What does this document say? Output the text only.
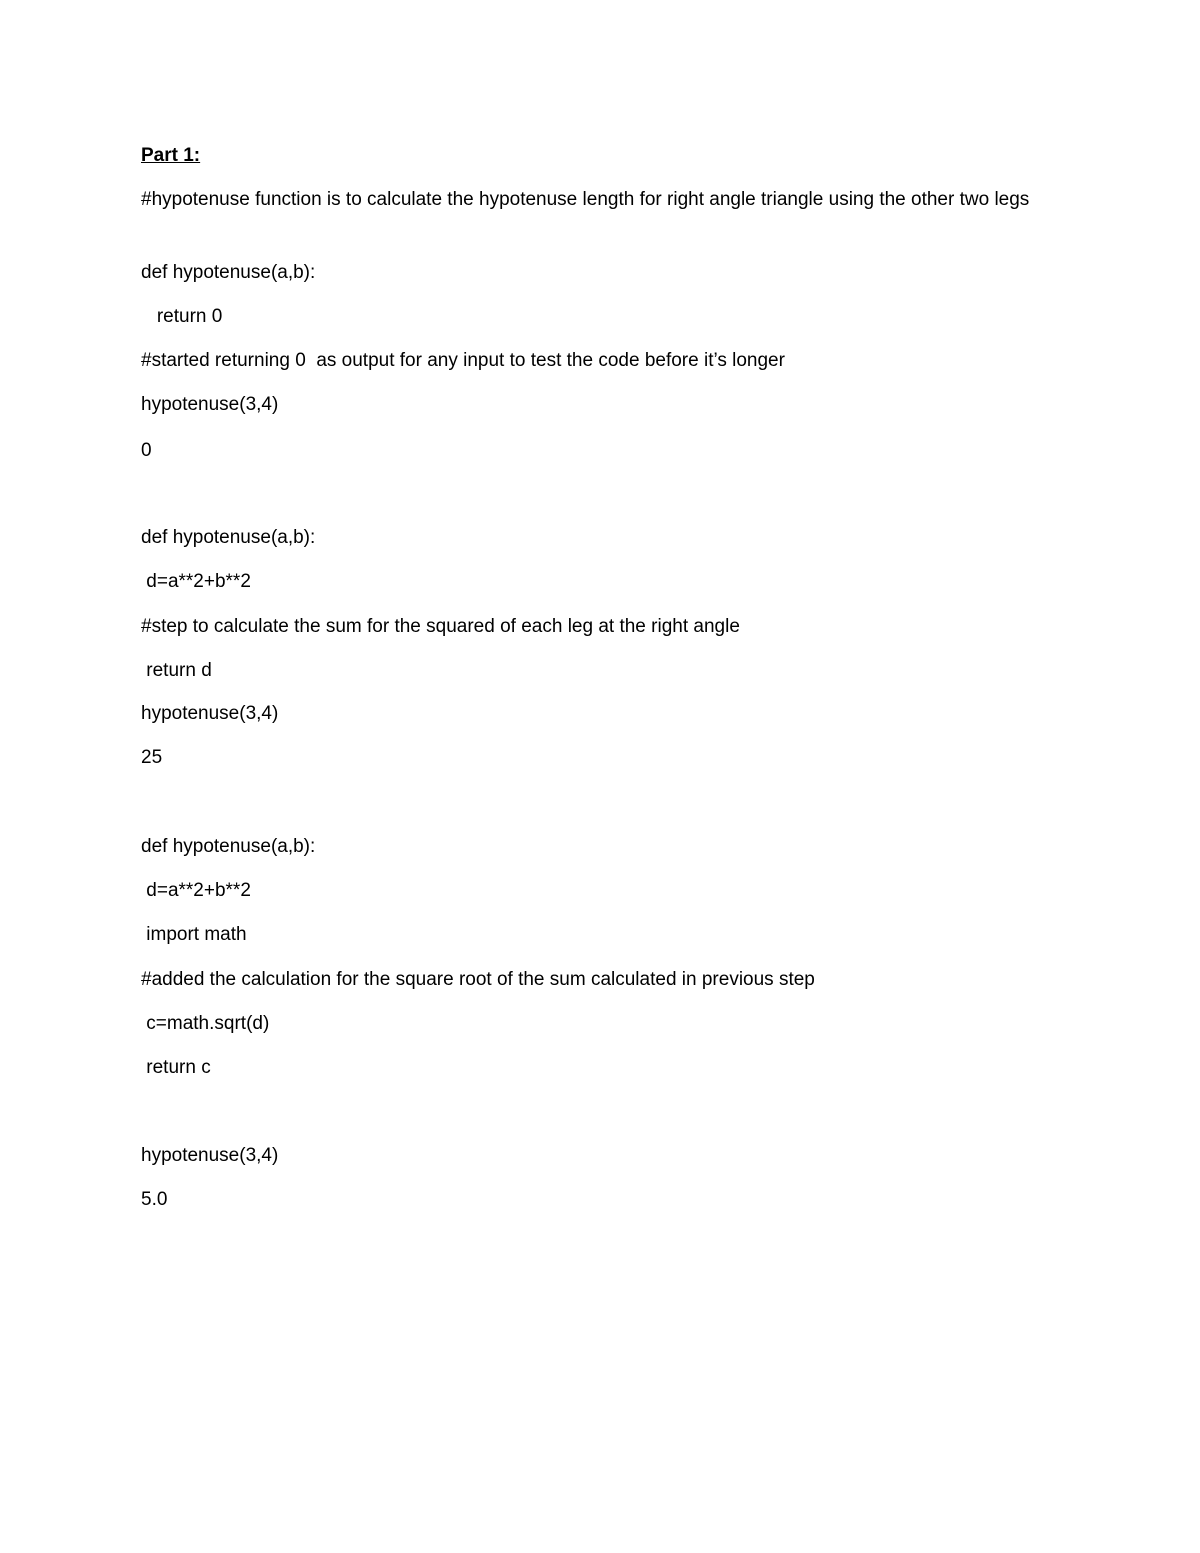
Part 1:
#hypotenuse function is to calculate the hypotenuse length for right angle triangle using the other two legs
def hypotenuse(a,b):
return 0
#started returning 0  as output for any input to test the code before it’s longer
hypotenuse(3,4)
0
def hypotenuse(a,b):
d=a**2+b**2
#step to calculate the sum for the squared of each leg at the right angle
return d
hypotenuse(3,4)
25
def hypotenuse(a,b):
d=a**2+b**2
import math
#added the calculation for the square root of the sum calculated in previous step
c=math.sqrt(d)
return c
hypotenuse(3,4)
5.0
